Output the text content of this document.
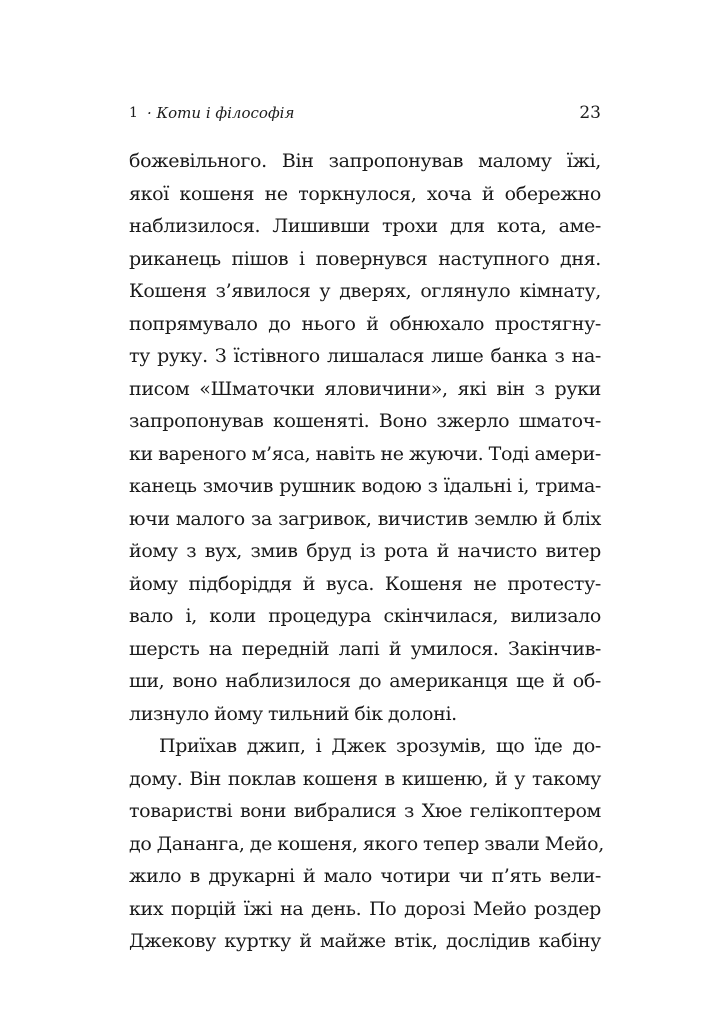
1 · Коти і філософія	23
божевільного. Він запропонував малому їжі,
якої кошеня не торкнулося, хоча й обережно
наблизилося. Лишивши трохи для кота, аме-
риканець пішов і повернувся наступного дня.
Кошеня з’явилося у дверях, оглянуло кімнату,
попрямувало до нього й обнюхало простягну-
ту руку. З їстівного лишалася лише банка з на-
писом «Шматочки яловичини», які він з руки
запропонував кошеняті. Воно зжерло шматоч-
ки вареного м’яса, навіть не жуючи. Тоді амери-
канець змочив рушник водою з їдальні і, трима-
ючи малого за загривок, вичистив землю й бліх
йому з вух, змив бруд із рота й начисто витер
йому підборіддя й вуса. Кошеня не протесту-
вало і, коли процедура скінчилася, вилизало
шерсть на передній лапі й умилося. Закінчив-
ши, воно наблизилося до американця ще й об-
лизнуло йому тильний бік долоні.
Приїхав джип, і Джек зрозумів, що їде до-
дому. Він поклав кошеня в кишеню, й у такому
товаристві вони вибралися з Хюе гелікоптером
до Дананга, де кошеня, якого тепер звали Мейо,
жило в друкарні й мало чотири чи п’ять вели-
ких порцій їжі на день. По дорозі Мейо роздер
Джекову куртку й майже втік, дослідив кабіну
